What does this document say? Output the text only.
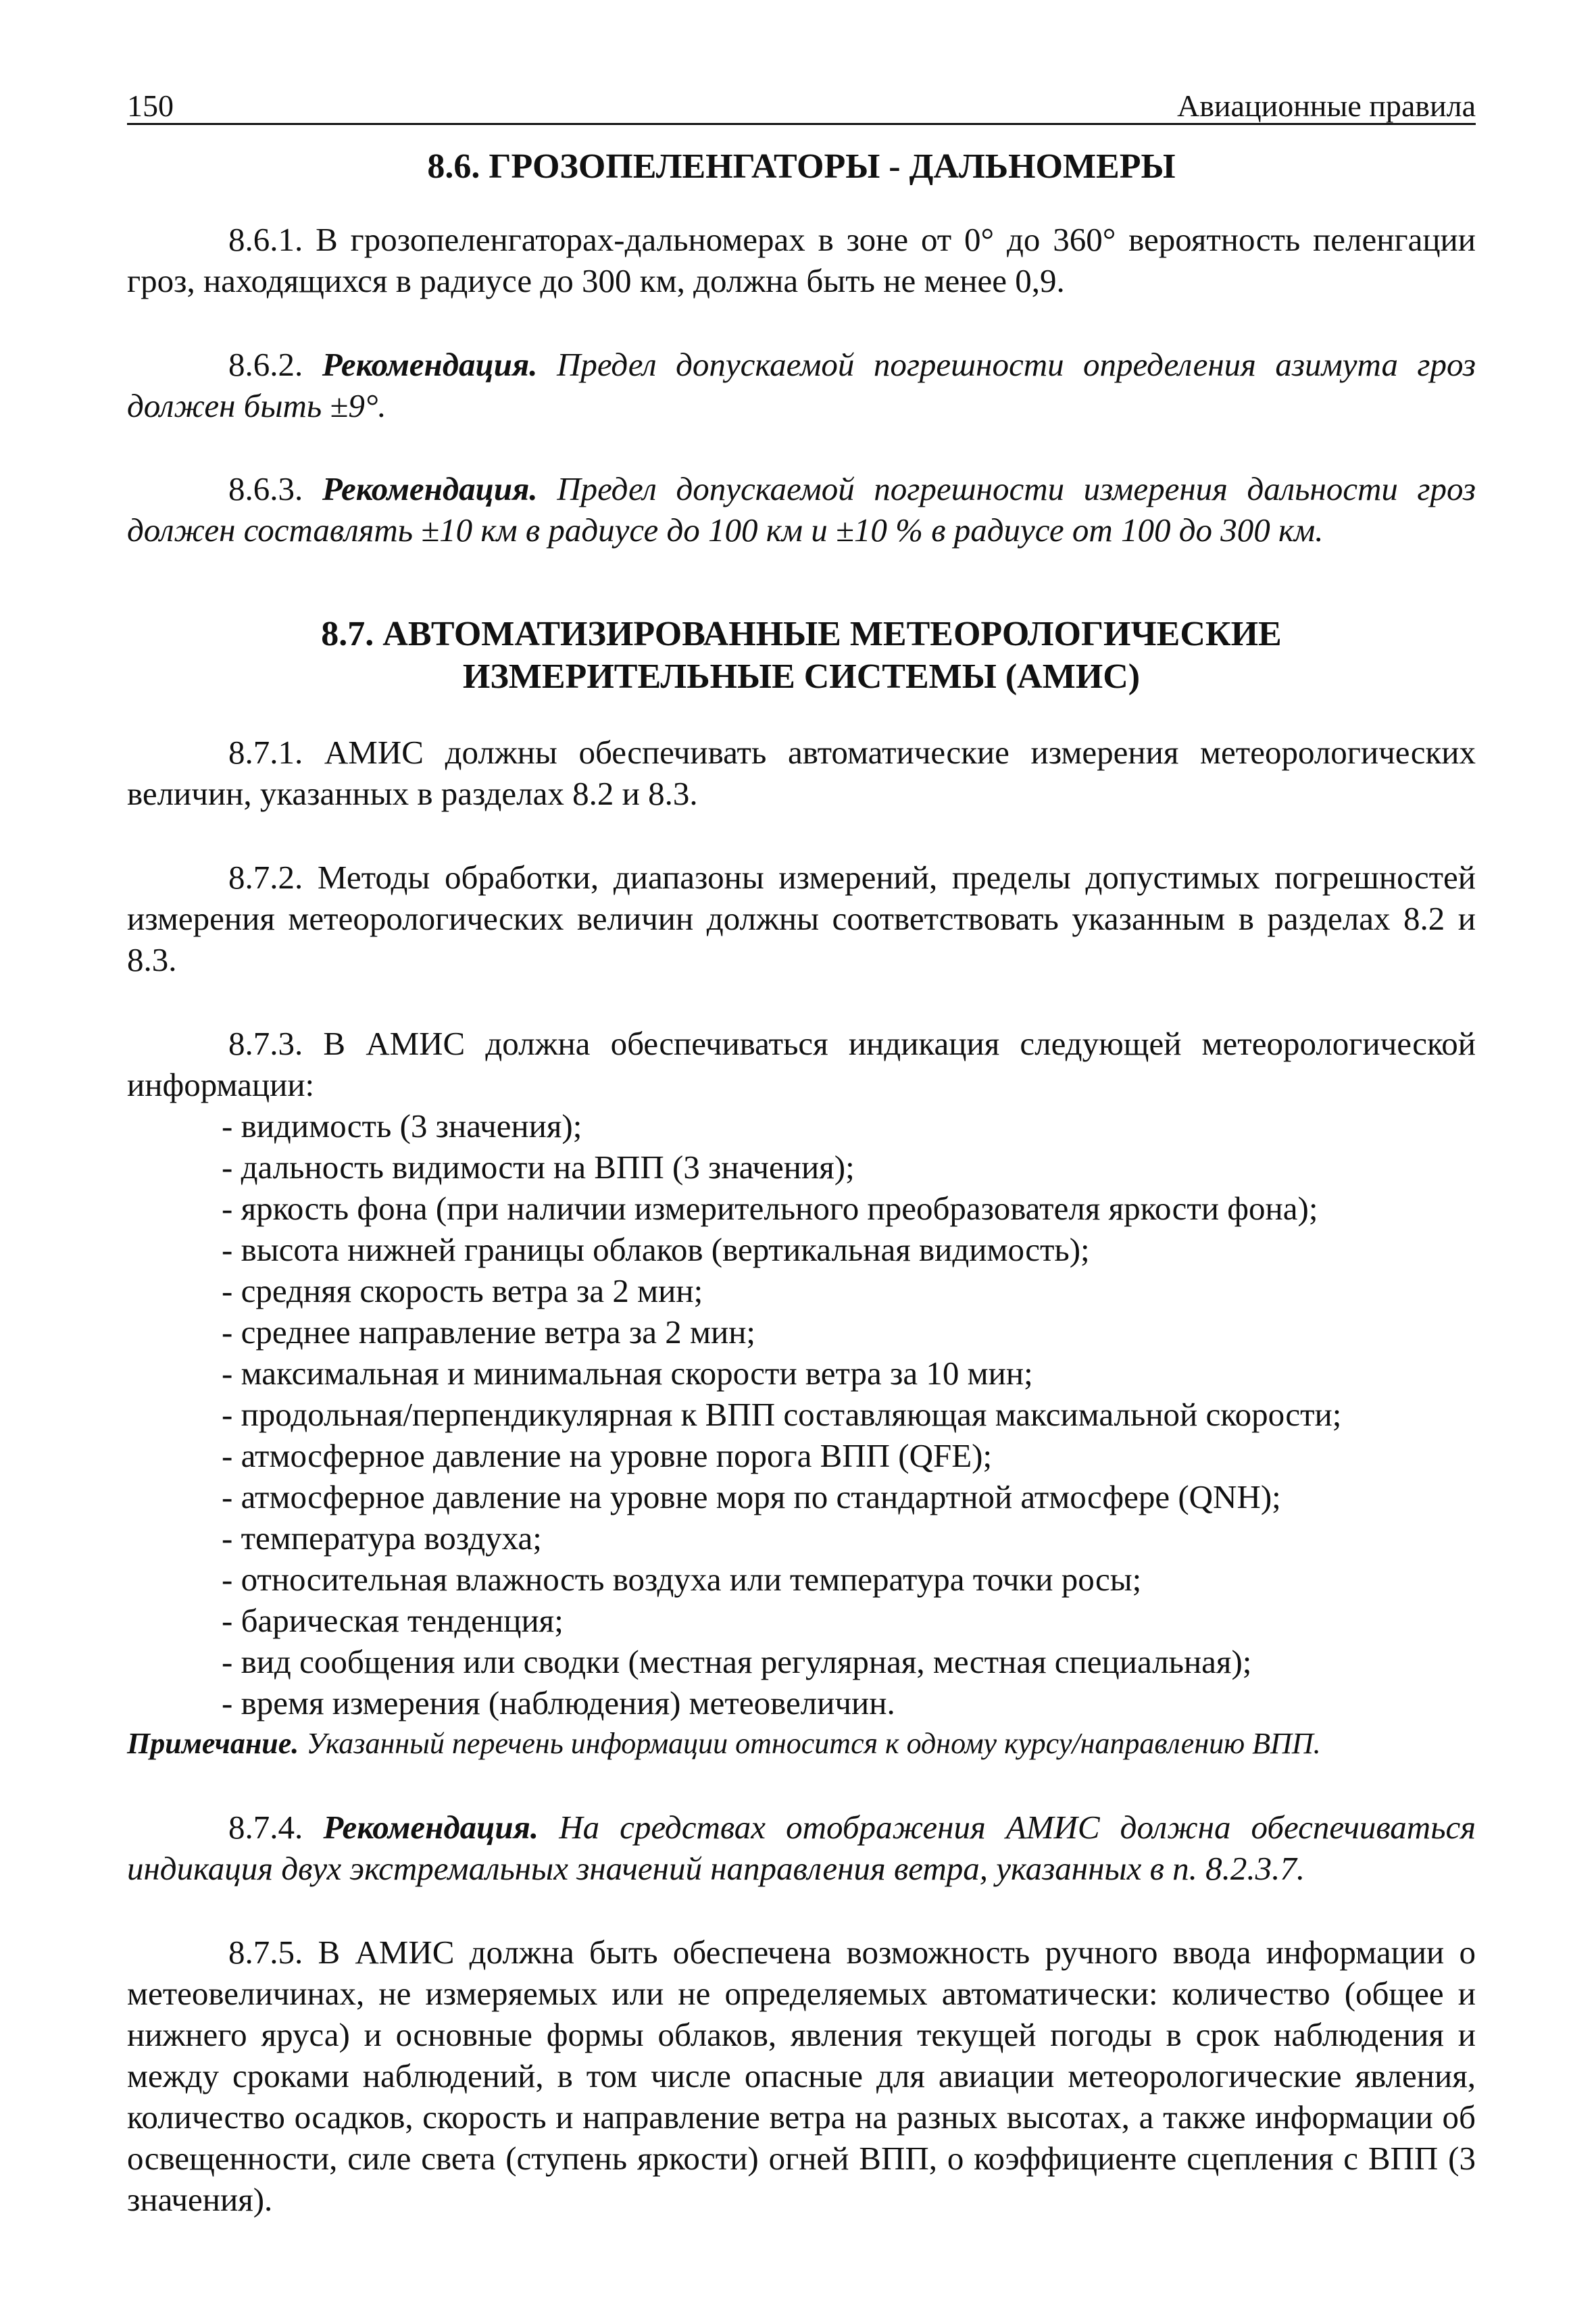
150	Авиационные правила
8.6. ГРОЗОПЕЛЕНГАТОРЫ - ДАЛЬНОМЕРЫ

8.6.1. В грозопеленгаторах-дальномерах в зоне от 0° до 360° вероятность пеленгации гроз, находящихся в радиусе до 300 км, должна быть не менее 0,9.

8.6.2. Рекомендация. Предел допускаемой погрешности определения азимута гроз должен быть ±9°.

8.6.3. Рекомендация. Предел допускаемой погрешности измерения дальности гроз должен составлять ±10 км в радиусе до 100 км и ±10 % в радиусе от 100 до 300 км.

8.7. АВТОМАТИЗИРОВАННЫЕ МЕТЕОРОЛОГИЧЕСКИЕ
ИЗМЕРИТЕЛЬНЫЕ СИСТЕМЫ (АМИС)

8.7.1. АМИС должны обеспечивать автоматические измерения метеорологических величин, указанных в разделах 8.2 и 8.3.

8.7.2. Методы обработки, диапазоны измерений, пределы допустимых погрешностей измерения метеорологических величин должны соответствовать указанным в разделах 8.2 и 8.3.

8.7.3. В АМИС должна обеспечиваться индикация следующей метеорологической информации:

- видимость (3 значения);
- дальность видимости на ВПП (3 значения);
- яркость фона (при наличии измерительного преобразователя яркости фона);
- высота нижней границы облаков (вертикальная видимость);
- средняя скорость ветра за 2 мин;
- среднее направление ветра за 2 мин;
- максимальная и минимальная скорости ветра за 10 мин;
- продольная/перпендикулярная к ВПП составляющая максимальной скорости;
- атмосферное давление на уровне порога ВПП (QFE);
- атмосферное давление на уровне моря по стандартной атмосфере (QNH);
- температура воздуха;
- относительная влажность воздуха или температура точки росы;
- барическая тенденция;
- вид сообщения или сводки (местная регулярная, местная специальная);
- время измерения (наблюдения) метеовеличин.

Примечание. Указанный перечень информации относится к одному курсу/направлению ВПП.

8.7.4. Рекомендация. На средствах отображения АМИС должна обеспечиваться индикация двух экстремальных значений направления ветра, указанных в п. 8.2.3.7.

8.7.5. В АМИС должна быть обеспечена возможность ручного ввода информации о метеовеличинах, не измеряемых или не определяемых автоматически: количество (общее и нижнего яруса) и основные формы облаков, явления текущей погоды в срок наблюдения и между сроками наблюдений, в том числе опасные для авиации метеорологические явления, количество осадков, скорость и направление ветра на разных высотах, а также информации об освещенности, силе света (ступень яркости) огней ВПП, о коэффициенте сцепления с ВПП (3 значения).
